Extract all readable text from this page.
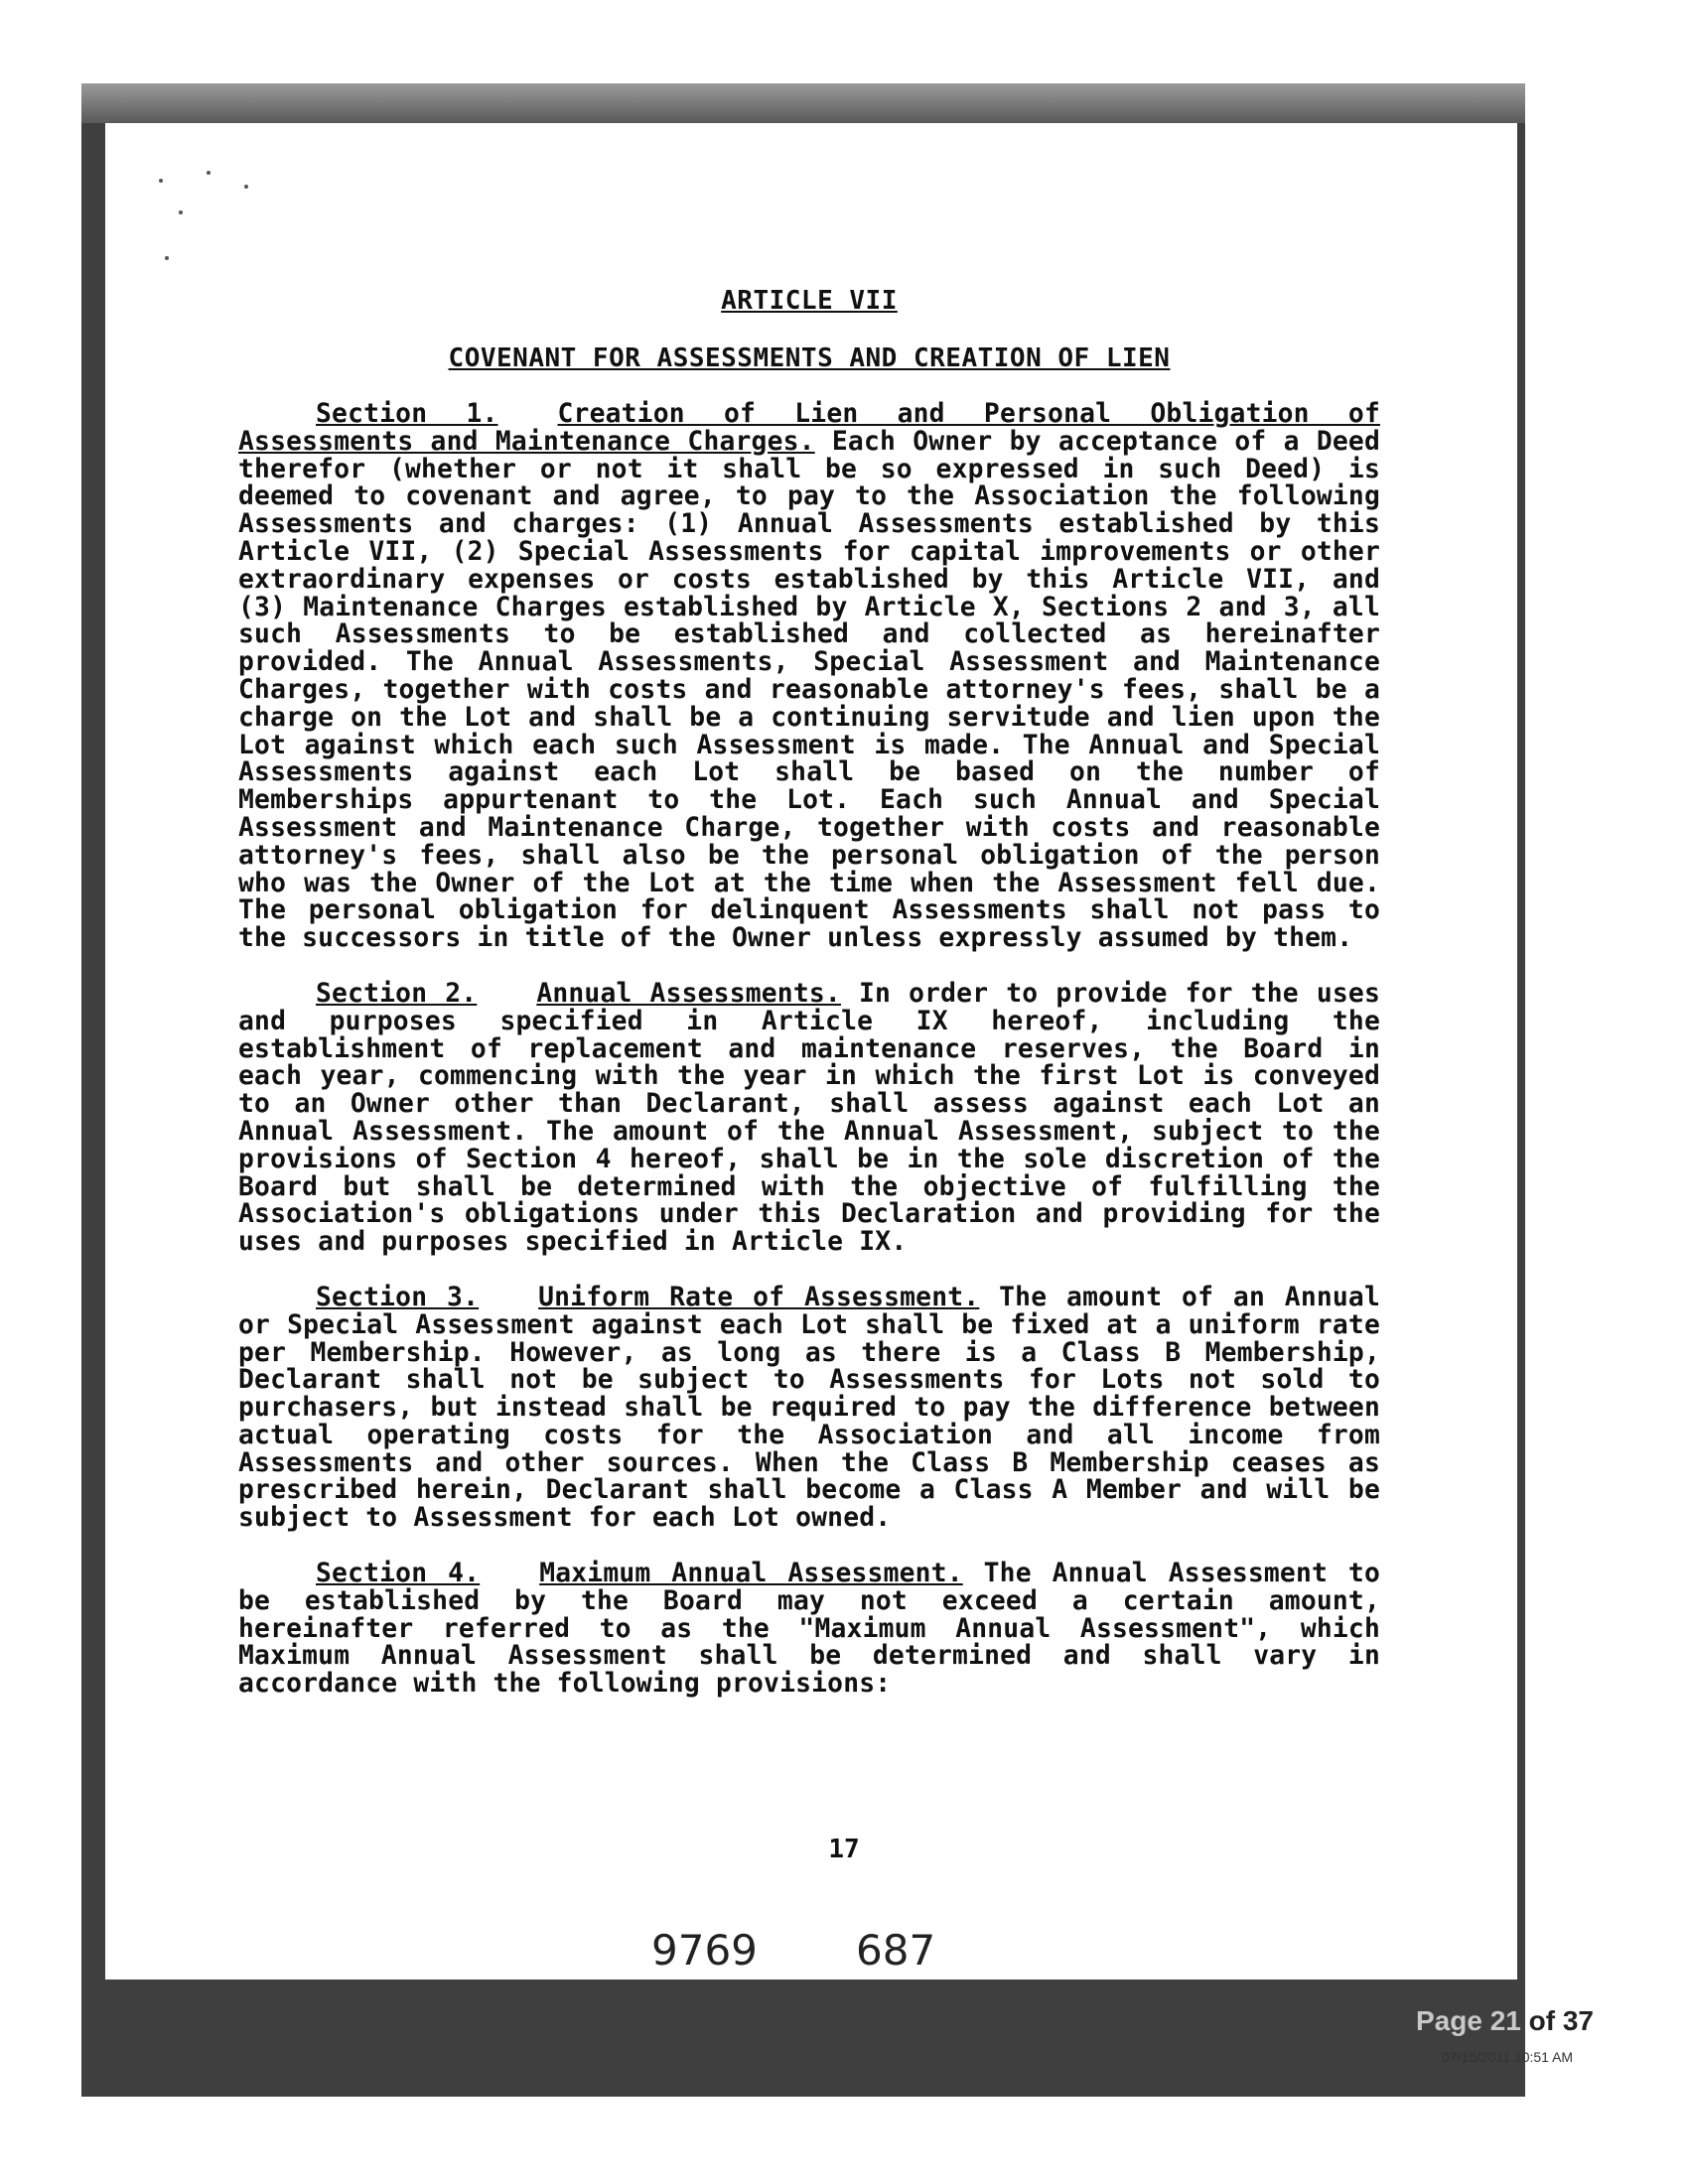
ARTICLE VII
COVENANT FOR ASSESSMENTS AND CREATION OF LIEN

Section 1. Creation of Lien and Personal Obligation of Assessments and Maintenance Charges. Each Owner by acceptance of a Deed therefor (whether or not it shall be so expressed in such Deed) is deemed to covenant and agree, to pay to the Association the following Assessments and charges: (1) Annual Assessments established by this Article VII, (2) Special Assessments for capital improvements or other extraordinary expenses or costs established by this Article VII, and (3) Maintenance Charges established by Article X, Sections 2 and 3, all such Assessments to be established and collected as hereinafter provided. The Annual Assessments, Special Assessment and Maintenance Charges, together with costs and reasonable attorney's fees, shall be a charge on the Lot and shall be a continuing servitude and lien upon the Lot against which each such Assessment is made. The Annual and Special Assessments against each Lot shall be based on the number of Memberships appurtenant to the Lot. Each such Annual and Special Assessment and Maintenance Charge, together with costs and reasonable attorney's fees, shall also be the personal obligation of the person who was the Owner of the Lot at the time when the Assessment fell due. The personal obligation for delinquent Assessments shall not pass to the successors in title of the Owner unless expressly assumed by them.

Section 2. Annual Assessments. In order to provide for the uses and purposes specified in Article IX hereof, including the establishment of replacement and maintenance reserves, the Board in each year, commencing with the year in which the first Lot is conveyed to an Owner other than Declarant, shall assess against each Lot an Annual Assessment. The amount of the Annual Assessment, subject to the provisions of Section 4 hereof, shall be in the sole discretion of the Board but shall be determined with the objective of fulfilling the Association's obligations under this Declaration and providing for the uses and purposes specified in Article IX.

Section 3. Uniform Rate of Assessment. The amount of an Annual or Special Assessment against each Lot shall be fixed at a uniform rate per Membership. However, as long as there is a Class B Membership, Declarant shall not be subject to Assessments for Lots not sold to purchasers, but instead shall be required to pay the difference between actual operating costs for the Association and all income from Assessments and other sources. When the Class B Membership ceases as prescribed herein, Declarant shall become a Class A Member and will be subject to Assessment for each Lot owned.

Section 4. Maximum Annual Assessment. The Annual Assessment to be established by the Board may not exceed a certain amount, hereinafter referred to as the "Maximum Annual Assessment", which Maximum Annual Assessment shall be determined and shall vary in accordance with the following provisions:

17
9769 687
Page 21 of 37
07/15/2011 10:51 AM
